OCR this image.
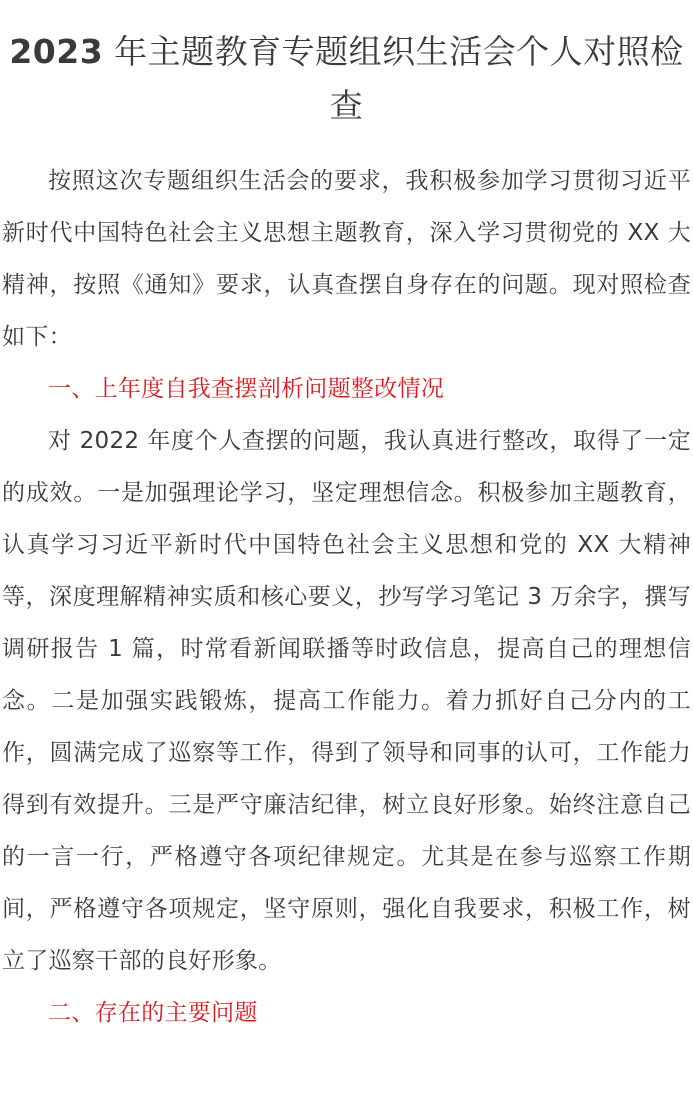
2023 年主题教育专题组织生活会个人对照检查

按照这次专题组织生活会的要求，我积极参加学习贯彻习近平新时代中国特色社会主义思想主题教育，深入学习贯彻党的 XX 大精神，按照《通知》要求，认真查摆自身存在的问题。现对照检查如下：

一、上年度自我查摆剖析问题整改情况

对 2022 年度个人查摆的问题，我认真进行整改，取得了一定的成效。一是加强理论学习，坚定理想信念。积极参加主题教育，认真学习习近平新时代中国特色社会主义思想和党的 XX 大精神等，深度理解精神实质和核心要义，抄写学习笔记 3 万余字，撰写调研报告 1 篇，时常看新闻联播等时政信息，提高自己的理想信念。二是加强实践锻炼，提高工作能力。着力抓好自己分内的工作，圆满完成了巡察等工作，得到了领导和同事的认可，工作能力得到有效提升。三是严守廉洁纪律，树立良好形象。始终注意自己的一言一行，严格遵守各项纪律规定。尤其是在参与巡察工作期间，严格遵守各项规定，坚守原则，强化自我要求，积极工作，树立了巡察干部的良好形象。

二、存在的主要问题
